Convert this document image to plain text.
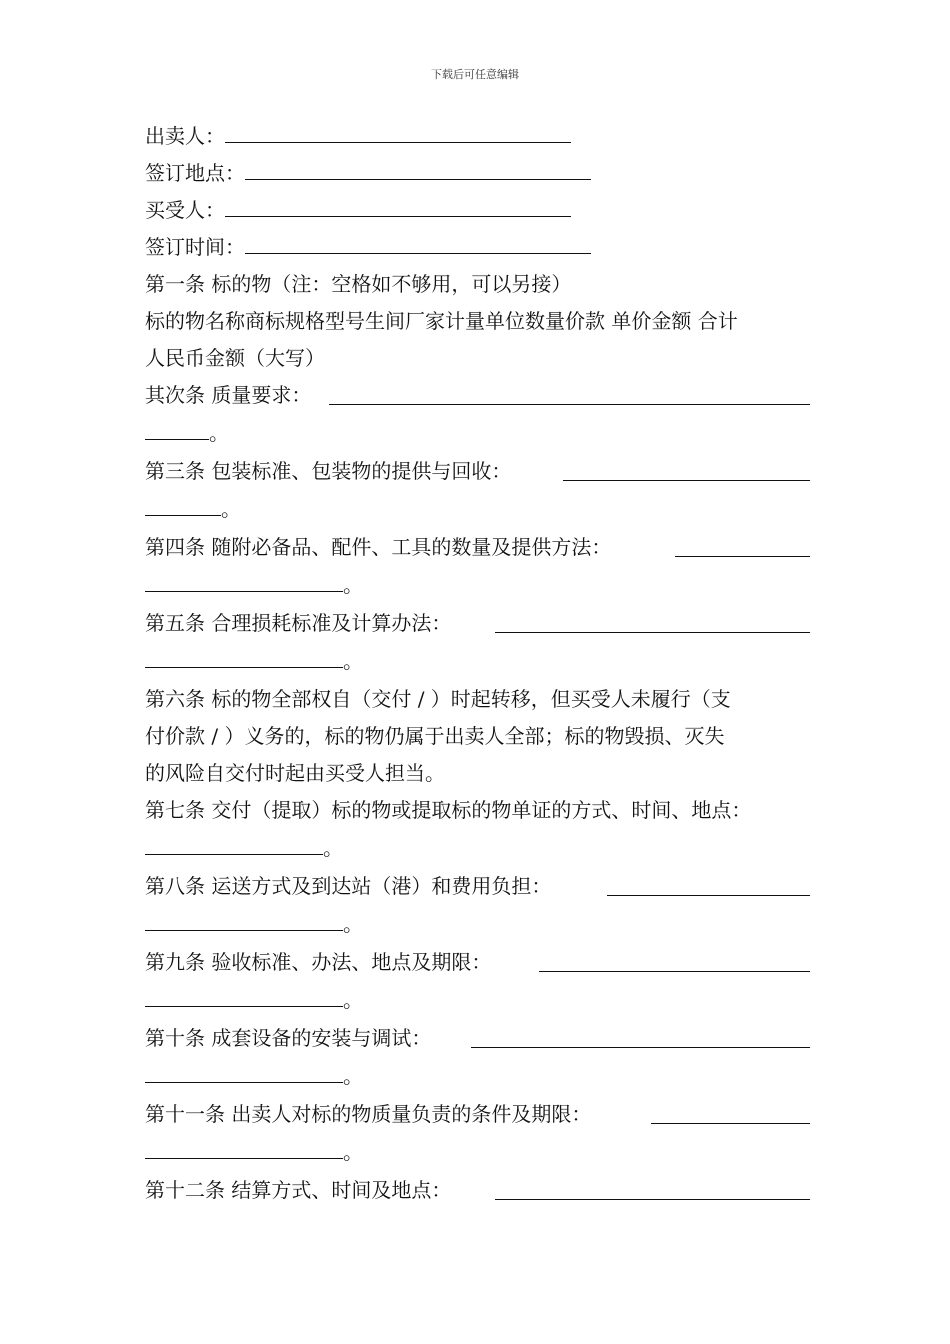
下载后可任意编辑
出卖人：
签订地点：
买受人：
签订时间：
第一条 标的物（注：空格如不够用，可以另接）
标的物名称商标规格型号生间厂家计量单位数量价款 单价金额 合计
人民币金额（大写）
其次条 质量要求：
。
第三条 包装标准、包装物的提供与回收：
。
第四条 随附必备品、配件、工具的数量及提供方法：
。
第五条 合理损耗标准及计算办法：
。
第六条 标的物全部权自（交付 / ）时起转移，但买受人未履行（支
付价款 / ）义务的，标的物仍属于出卖人全部；标的物毁损、灭失
的风险自交付时起由买受人担当。
第七条 交付（提取）标的物或提取标的物单证的方式、时间、地点：
。
第八条 运送方式及到达站（港）和费用负担：
。
第九条 验收标准、办法、地点及期限：
。
第十条 成套设备的安装与调试：
。
第十一条 出卖人对标的物质量负责的条件及期限：
。
第十二条 结算方式、时间及地点：
